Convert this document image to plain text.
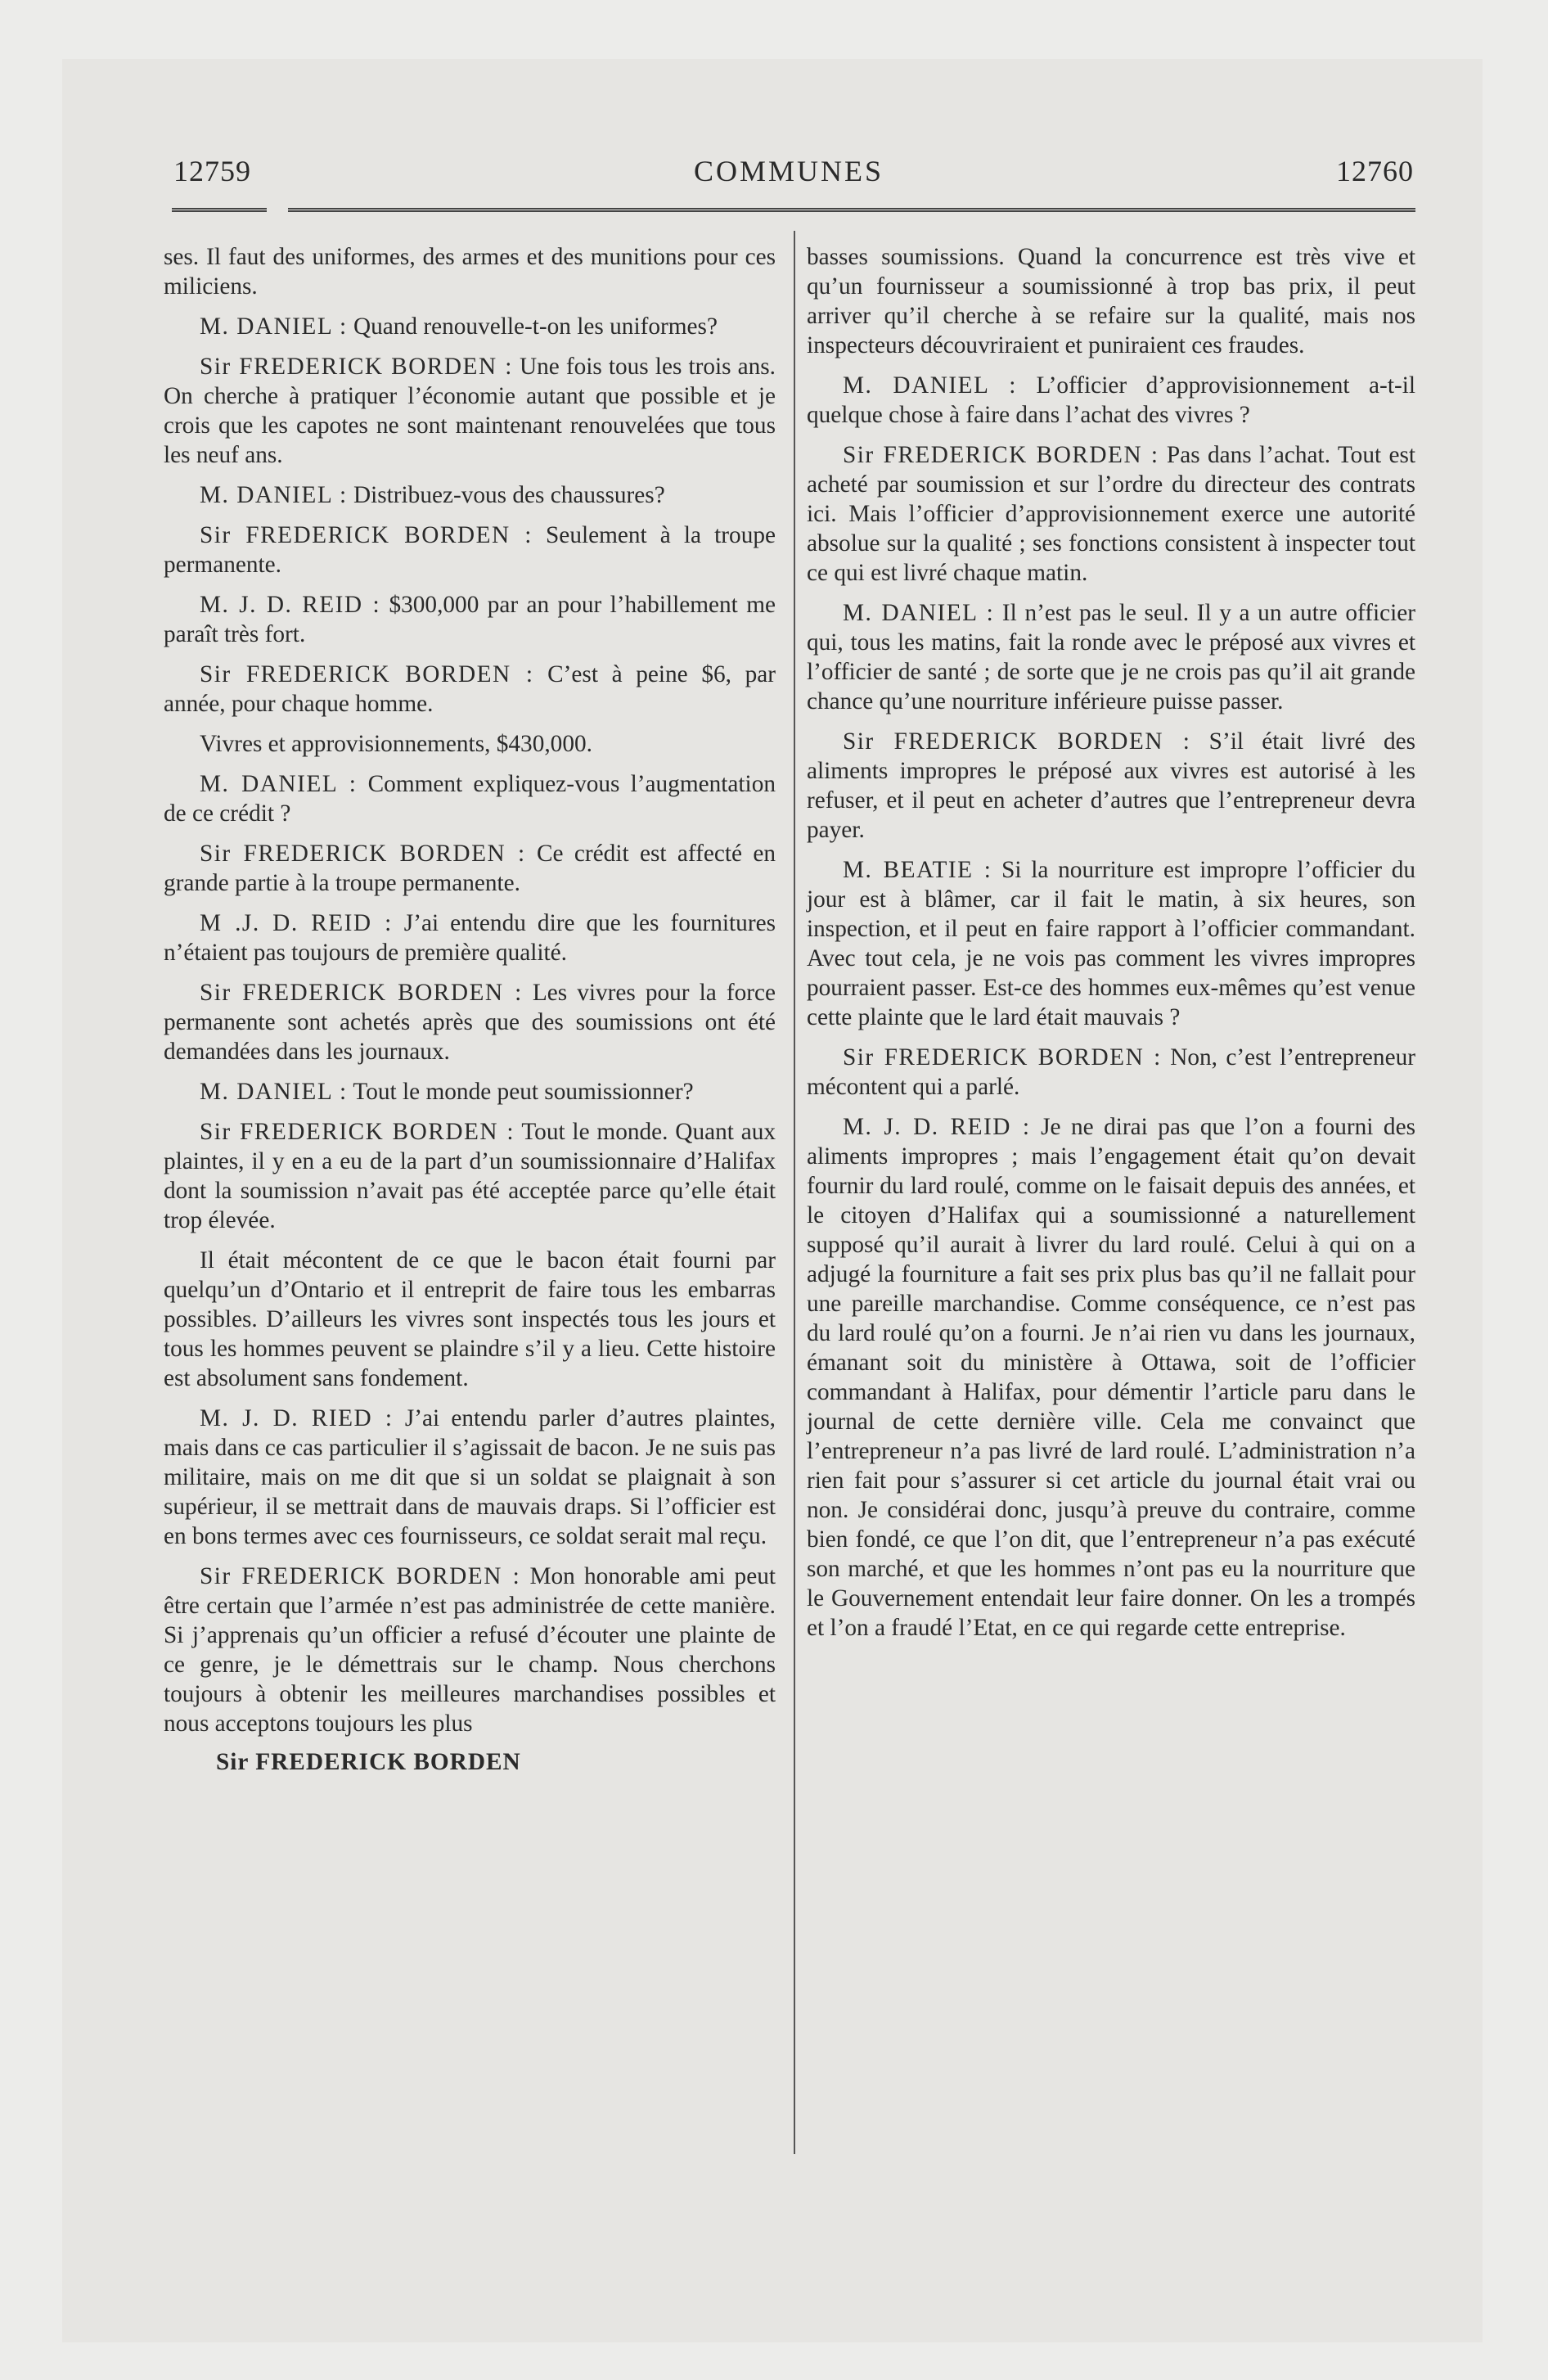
12759	COMMUNES	12760

ses. Il faut des uniformes, des armes et des munitions pour ces miliciens.

M. DANIEL : Quand renouvelle-t-on les uniformes?

Sir FREDERICK BORDEN : Une fois tous les trois ans. On cherche à pratiquer l’économie autant que possible et je crois que les capotes ne sont maintenant renouvelées que tous les neuf ans.

M. DANIEL : Distribuez-vous des chaussures?

Sir FREDERICK BORDEN : Seulement à la troupe permanente.

M. J. D. REID : $300,000 par an pour l’habillement me paraît très fort.

Sir FREDERICK BORDEN : C’est à peine $6, par année, pour chaque homme.

Vivres et approvisionnements, $430,000.

M. DANIEL : Comment expliquez-vous l’augmentation de ce crédit ?

Sir FREDERICK BORDEN : Ce crédit est affecté en grande partie à la troupe permanente.

M .J. D. REID : J’ai entendu dire que les fournitures n’étaient pas toujours de première qualité.

Sir FREDERICK BORDEN : Les vivres pour la force permanente sont achetés après que des soumissions ont été demandées dans les journaux.

M. DANIEL : Tout le monde peut soumissionner?

Sir FREDERICK BORDEN : Tout le monde. Quant aux plaintes, il y en a eu de la part d’un soumissionnaire d’Halifax dont la soumission n’avait pas été acceptée parce qu’elle était trop élevée.

Il était mécontent de ce que le bacon était fourni par quelqu’un d’Ontario et il entreprit de faire tous les embarras possibles. D’ailleurs les vivres sont inspectés tous les jours et tous les hommes peuvent se plaindre s’il y a lieu. Cette histoire est absolument sans fondement.

M. J. D. RIED : J’ai entendu parler d’autres plaintes, mais dans ce cas particulier il s’agissait de bacon. Je ne suis pas militaire, mais on me dit que si un soldat se plaignait à son supérieur, il se mettrait dans de mauvais draps. Si l’officier est en bons termes avec ces fournisseurs, ce soldat serait mal reçu.

Sir FREDERICK BORDEN : Mon honorable ami peut être certain que l’armée n’est pas administrée de cette manière. Si j’apprenais qu’un officier a refusé d’écouter une plainte de ce genre, je le démettrais sur le champ. Nous cherchons toujours à obtenir les meilleures marchandises possibles et nous acceptons toujours les plus

Sir FREDERICK BORDEN

basses soumissions. Quand la concurrence est très vive et qu’un fournisseur a soumissionné à trop bas prix, il peut arriver qu’il cherche à se refaire sur la qualité, mais nos inspecteurs découvriraient et puniraient ces fraudes.

M. DANIEL : L’officier d’approvisionnement a-t-il quelque chose à faire dans l’achat des vivres ?

Sir FREDERICK BORDEN : Pas dans l’achat. Tout est acheté par soumission et sur l’ordre du directeur des contrats ici. Mais l’officier d’approvisionnement exerce une autorité absolue sur la qualité ; ses fonctions consistent à inspecter tout ce qui est livré chaque matin.

M. DANIEL : Il n’est pas le seul. Il y a un autre officier qui, tous les matins, fait la ronde avec le préposé aux vivres et l’officier de santé ; de sorte que je ne crois pas qu’il ait grande chance qu’une nourriture inférieure puisse passer.

Sir FREDERICK BORDEN : S’il était livré des aliments impropres le préposé aux vivres est autorisé à les refuser, et il peut en acheter d’autres que l’entrepreneur devra payer.

M. BEATIE : Si la nourriture est impropre l’officier du jour est à blâmer, car il fait le matin, à six heures, son inspection, et il peut en faire rapport à l’officier commandant. Avec tout cela, je ne vois pas comment les vivres impropres pourraient passer. Est-ce des hommes eux-mêmes qu’est venue cette plainte que le lard était mauvais ?

Sir FREDERICK BORDEN : Non, c’est l’entrepreneur mécontent qui a parlé.

M. J. D. REID : Je ne dirai pas que l’on a fourni des aliments impropres ; mais l’engagement était qu’on devait fournir du lard roulé, comme on le faisait depuis des années, et le citoyen d’Halifax qui a soumissionné a naturellement supposé qu’il aurait à livrer du lard roulé. Celui à qui on a adjugé la fourniture a fait ses prix plus bas qu’il ne fallait pour une pareille marchandise. Comme conséquence, ce n’est pas du lard roulé qu’on a fourni. Je n’ai rien vu dans les journaux, émanant soit du ministère à Ottawa, soit de l’officier commandant à Halifax, pour démentir l’article paru dans le journal de cette dernière ville. Cela me convainct que l’entrepreneur n’a pas livré de lard roulé. L’administration n’a rien fait pour s’assurer si cet article du journal était vrai ou non. Je considérai donc, jusqu’à preuve du contraire, comme bien fondé, ce que l’on dit, que l’entrepreneur n’a pas exécuté son marché, et que les hommes n’ont pas eu la nourriture que le Gouvernement entendait leur faire donner. On les a trompés et l’on a fraudé l’Etat, en ce qui regarde cette entreprise.
